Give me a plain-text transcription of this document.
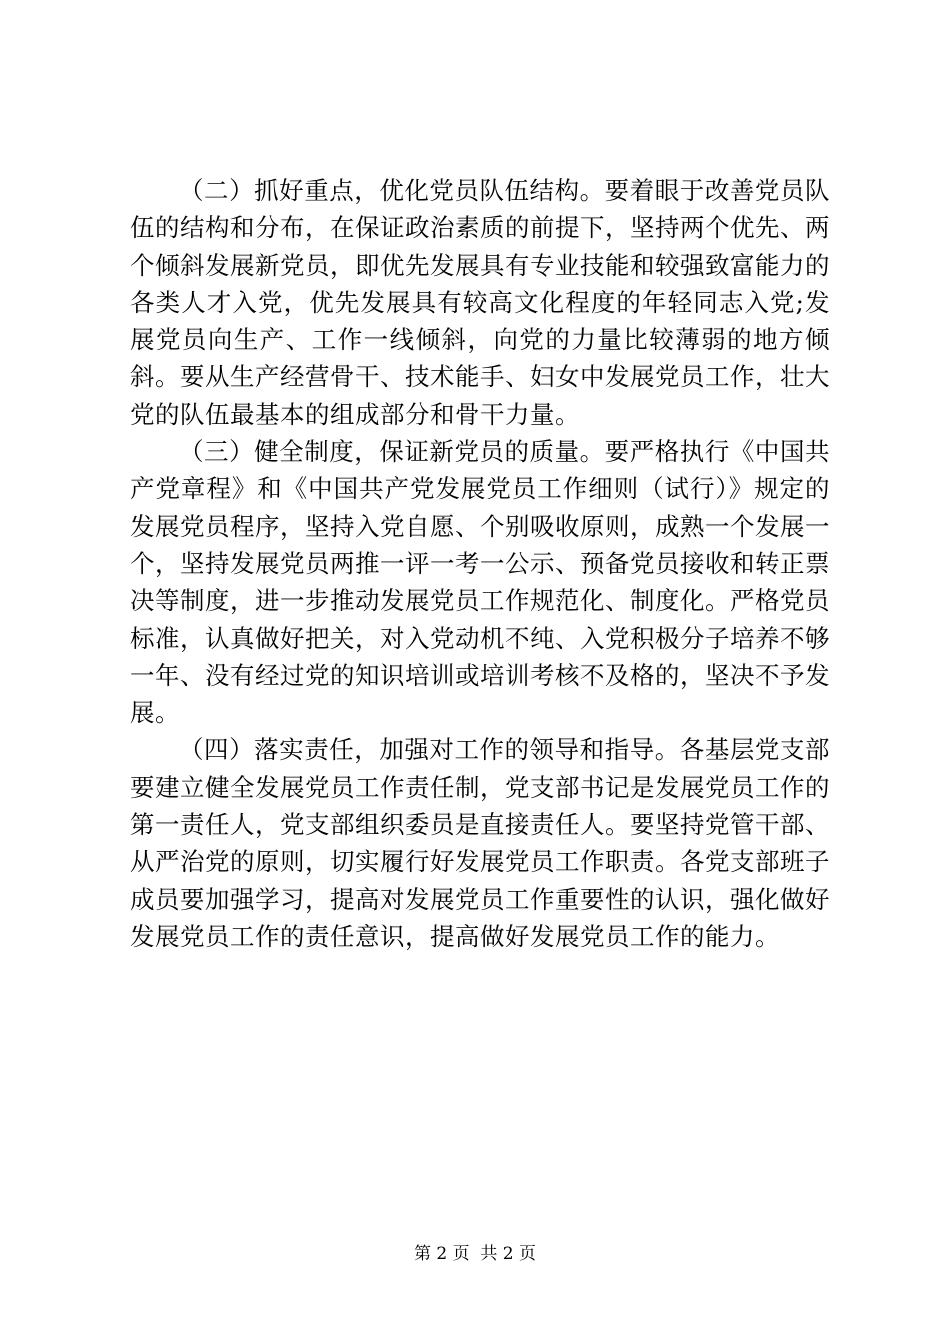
（二）抓好重点，优化党员队伍结构。要着眼于改善党员队伍的结构和分布，在保证政治素质的前提下，坚持两个优先、两个倾斜发展新党员，即优先发展具有专业技能和较强致富能力的各类人才入党，优先发展具有较高文化程度的年轻同志入党;发展党员向生产、工作一线倾斜，向党的力量比较薄弱的地方倾斜。要从生产经营骨干、技术能手、妇女中发展党员工作，壮大党的队伍最基本的组成部分和骨干力量。

（三）健全制度，保证新党员的质量。要严格执行《中国共产党章程》和《中国共产党发展党员工作细则（试行）》规定的发展党员程序，坚持入党自愿、个别吸收原则，成熟一个发展一个，坚持发展党员两推一评一考一公示、预备党员接收和转正票决等制度，进一步推动发展党员工作规范化、制度化。严格党员标准，认真做好把关，对入党动机不纯、入党积极分子培养不够一年、没有经过党的知识培训或培训考核不及格的，坚决不予发展。

（四）落实责任，加强对工作的领导和指导。各基层党支部要建立健全发展党员工作责任制，党支部书记是发展党员工作的第一责任人，党支部组织委员是直接责任人。要坚持党管干部、从严治党的原则，切实履行好发展党员工作职责。各党支部班子成员要加强学习，提高对发展党员工作重要性的认识，强化做好发展党员工作的责任意识，提高做好发展党员工作的能力。

第 2 页  共 2 页
